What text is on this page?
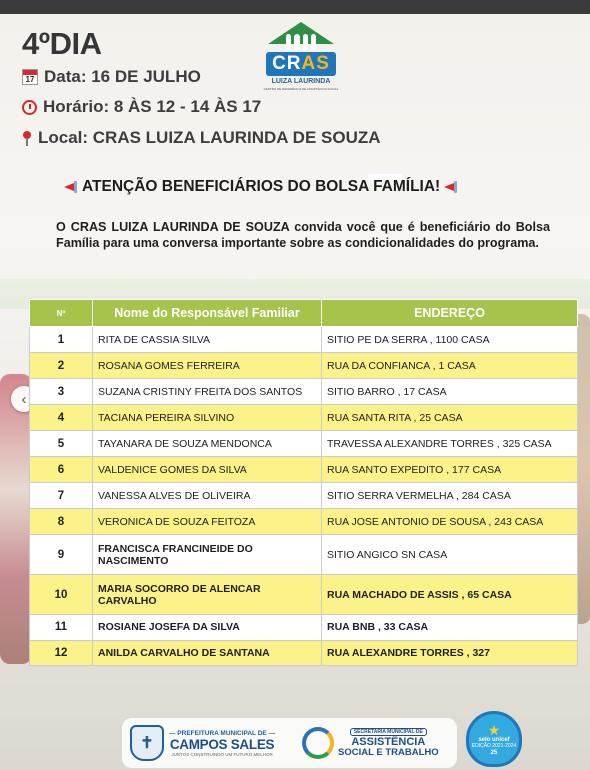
4ºDIA
17 Data: 16 DE JULHO
Horário: 8 ÀS 12 - 14 ÀS 17
Local: CRAS LUIZA LAURINDA DE SOUZA
CRAS
LUIZA LAURINDA
CENTRO DE REFERÊNCIA DE ASSISTÊNCIA SOCIAL
ATENÇÃO BENEFICIÁRIOS DO BOLSA FAMÍLIA!
O CRAS LUIZA LAURINDA DE SOUZA convida você que é beneficiário do Bolsa Família para uma conversa importante sobre as condicionalidades do programa.
‹
Nº	Nome do Responsável Familiar	ENDEREÇO
1	RITA DE CASSIA SILVA	SITIO PE DA SERRA , 1100 CASA
2	ROSANA GOMES FERREIRA	RUA DA CONFIANCA , 1 CASA
3	SUZANA CRISTINY FREITA DOS SANTOS	SITIO BARRO , 17 CASA
4	TACIANA PEREIRA SILVINO	RUA SANTA RITA , 25 CASA
5	TAYANARA DE SOUZA MENDONCA	TRAVESSA ALEXANDRE TORRES , 325 CASA
6	VALDENICE GOMES DA SILVA	RUA SANTO EXPEDITO , 177 CASA
7	VANESSA ALVES DE OLIVEIRA	SITIO SERRA VERMELHA , 284 CASA
8	VERONICA DE SOUZA FEITOZA	RUA JOSE ANTONIO DE SOUSA , 243 CASA
9	FRANCISCA FRANCINEIDE DO NASCIMENTO	SITIO ANGICO SN CASA
10	MARIA SOCORRO DE ALENCAR CARVALHO	RUA MACHADO DE ASSIS , 65 CASA
11	ROSIANE JOSEFA DA SILVA	RUA BNB , 33 CASA
12	ANILDA CARVALHO DE SANTANA	RUA ALEXANDRE TORRES , 327
✝
— PREFEITURA MUNICIPAL DE —
CAMPOS SALES
JUNTOS CONSTRUINDO UM FUTURO MELHOR
SECRETARIA MUNICIPAL DE
ASSISTÊNCIA
SOCIAL E TRABALHO
★
selo unicef
EDIÇÃO 2021-2024
25
